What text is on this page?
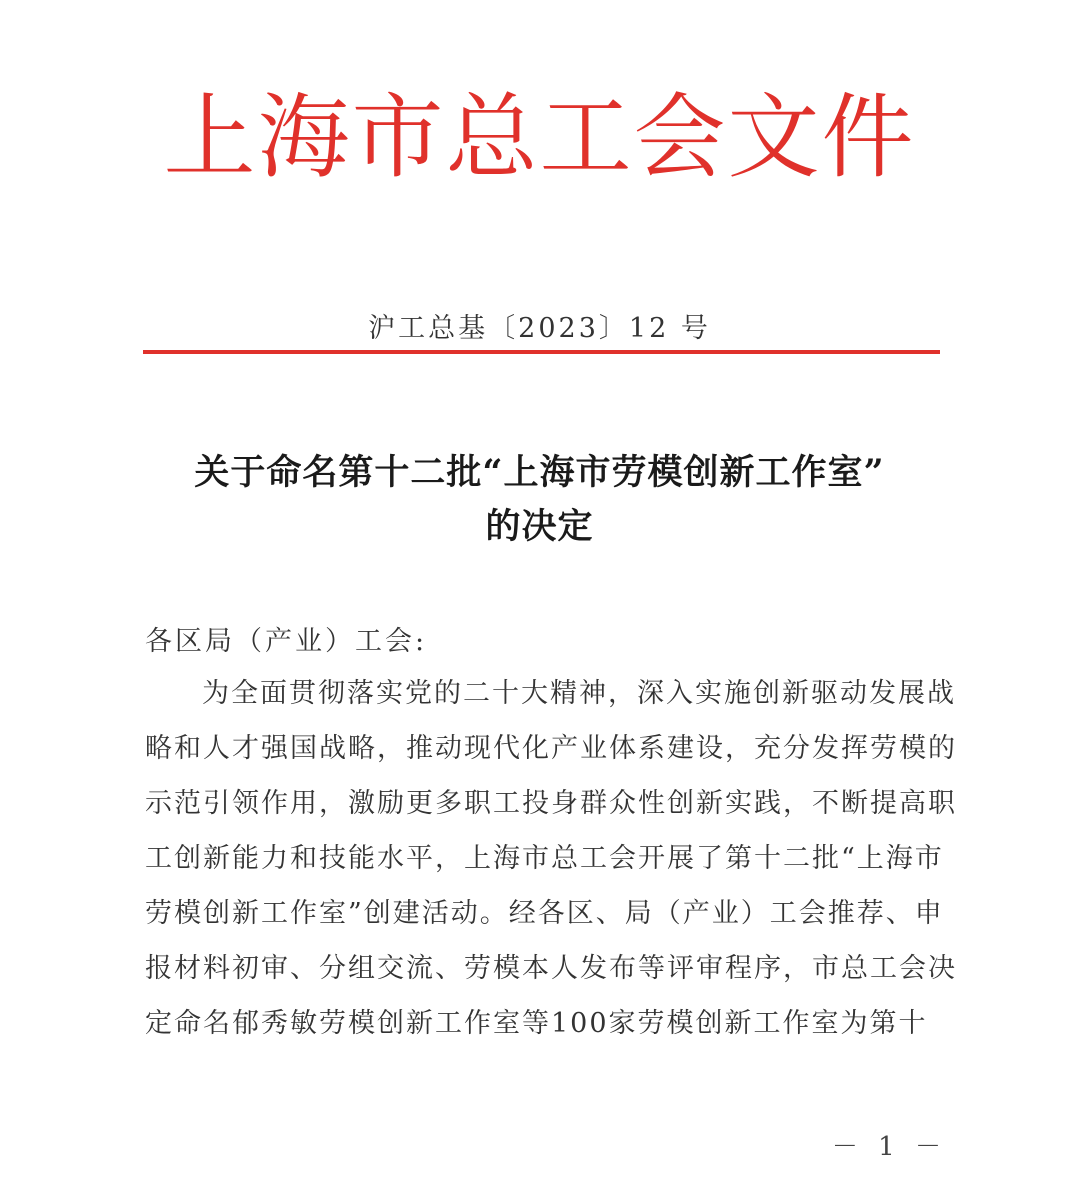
上海市总工会文件
沪工总基〔2023〕12 号
关于命名第十二批“上海市劳模创新工作室”
的决定
各区局（产业）工会:
为全面贯彻落实党的二十大精神，深入实施创新驱动发展战
略和人才强国战略，推动现代化产业体系建设，充分发挥劳模的
示范引领作用，激励更多职工投身群众性创新实践，不断提高职
工创新能力和技能水平，上海市总工会开展了第十二批“上海市
劳模创新工作室”创建活动。经各区、局（产业）工会推荐、申
报材料初审、分组交流、劳模本人发布等评审程序，市总工会决
定命名郁秀敏劳模创新工作室等100家劳模创新工作室为第十
－ 1 －
